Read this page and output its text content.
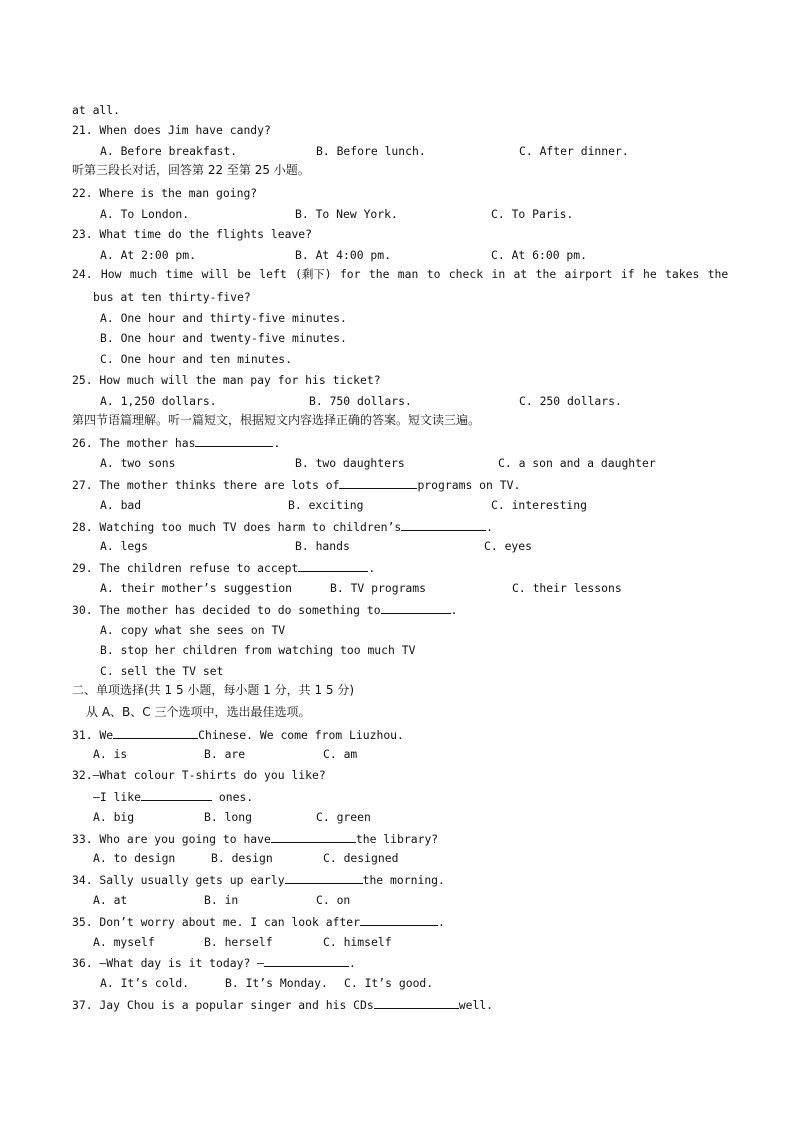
at all.
21. When does Jim have candy?
A. Before breakfast.	B. Before lunch.	C. After dinner.
听第三段长对话，回答第 22 至第 25 小题。
22. Where is the man going?
A. To London.	B. To New York.	C. To Paris.
23. What time do the flights leave?
A. At 2:00 pm.	B. At 4:00 pm.	C. At 6:00 pm.
24. How much time will be left (剩下) for the man to check in at the airport if he takes the
bus at ten thirty-five?
A. One hour and thirty-five minutes.
B. One hour and twenty-five minutes.
C. One hour and ten minutes.
25. How much will the man pay for his ticket?
A. 1,250 dollars.	B. 750 dollars.	C. 250 dollars.
第四节语篇理解。听一篇短文，根据短文内容选择正确的答案。短文读三遍。
26. The mother has	.
A. two sons	B. two daughters	C. a son and a daughter
27. The mother thinks there are lots of	programs on TV.
A. bad	B. exciting	C. interesting
28. Watching too much TV does harm to children’s	.
A. legs	B. hands	C. eyes
29. The children refuse to accept	.
A. their mother’s suggestion	B. TV programs	C. their lessons
30. The mother has decided to do something to	.
A. copy what she sees on TV
B. stop her children from watching too much TV
C. sell the TV set
二、单项选择(共 1 5 小题，每小题 1 分，共 1 5 分)
从 A、B、C 三个选项中，选出最佳选项。
31. We	Chinese. We come from Liuzhou.
A. is	B. are	C. am
32.—What colour T-shirts do you like?
—I like	ones.
A. big	B. long	C. green
33. Who are you going to have	the library?
A. to design	B. design	C. designed
34. Sally usually gets up early	the morning.
A. at	B. in	C. on
35. Don’t worry about me. I can look after	.
A. myself	B. herself	C. himself
36. —What day is it today? —	.
A. It’s cold.	B. It’s Monday. C. It’s good.
37. Jay Chou is a popular singer and his CDs	well.
